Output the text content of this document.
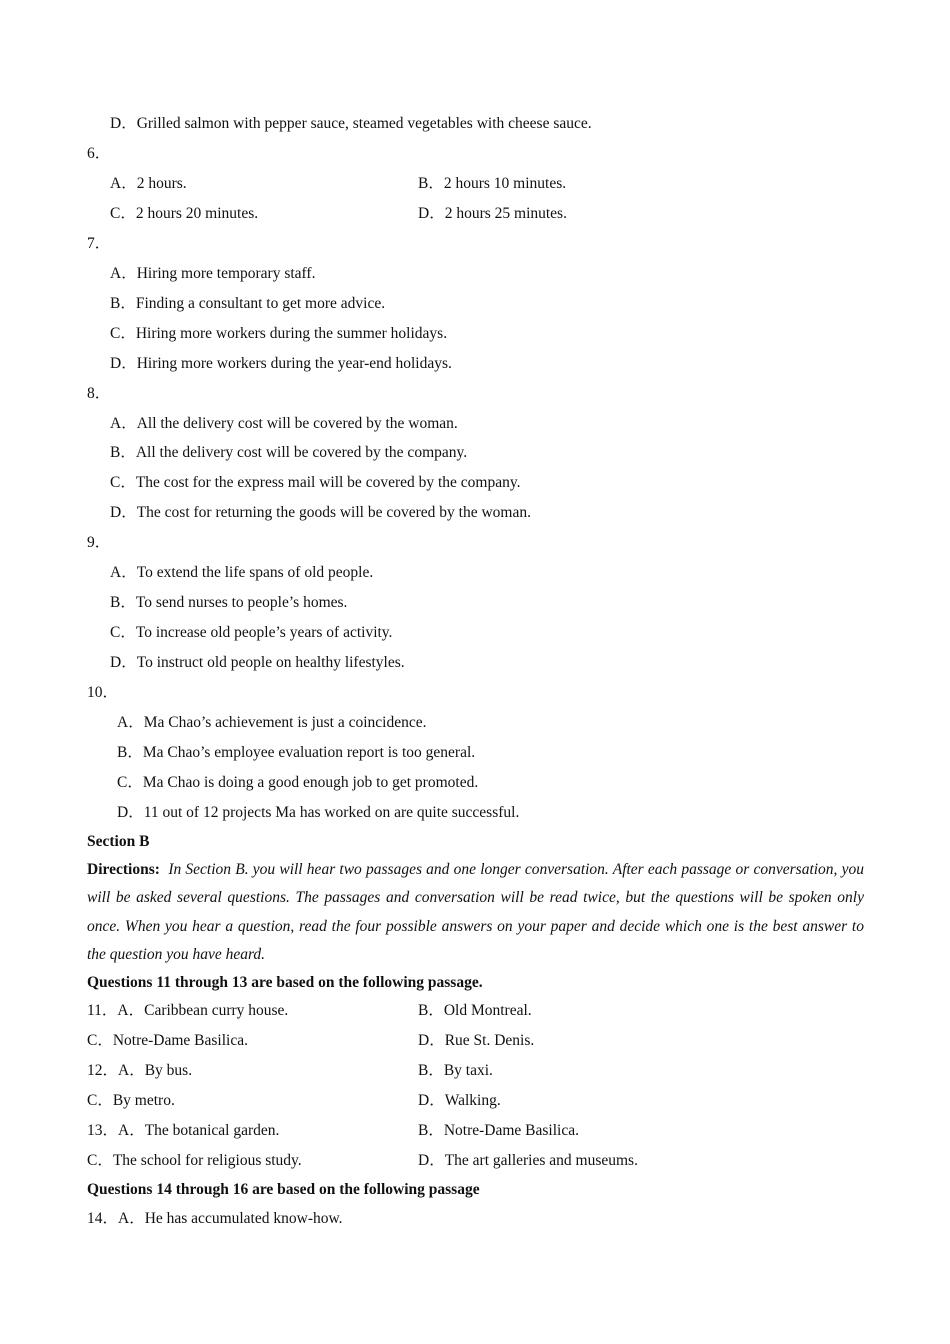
D．Grilled salmon with pepper sauce, steamed vegetables with cheese sauce.
6．
A．2 hours.	B．2 hours 10 minutes.
C．2 hours 20 minutes.	D．2 hours 25 minutes.
7．
A．Hiring more temporary staff.
B．Finding a consultant to get more advice.
C．Hiring more workers during the summer holidays.
D．Hiring more workers during the year-end holidays.
8．
A．All the delivery cost will be covered by the woman.
B．All the delivery cost will be covered by the company.
C．The cost for the express mail will be covered by the company.
D．The cost for returning the goods will be covered by the woman.
9．
A．To extend the life spans of old people.
B．To send nurses to people’s homes.
C．To increase old people’s years of activity.
D．To instruct old people on healthy lifestyles.
10．
A．Ma Chao’s achievement is just a coincidence.
B．Ma Chao’s employee evaluation report is too general.
C．Ma Chao is doing a good enough job to get promoted.
D．11 out of 12 projects Ma has worked on are quite successful.
Section B
Directions: In Section B. you will hear two passages and one longer conversation. After each passage or conversation, you will be asked several questions. The passages and conversation will be read twice, but the questions will be spoken only once. When you hear a question, read the four possible answers on your paper and decide which one is the best answer to the question you have heard.
Questions 11 through 13 are based on the following passage.
11．A．Caribbean curry house.	B．Old Montreal.
C．Notre-Dame Basilica.	D．Rue St. Denis.
12．A．By bus.	B．By taxi.
C．By metro.	D．Walking.
13．A．The botanical garden.	B．Notre-Dame Basilica.
C．The school for religious study.	D．The art galleries and museums.
Questions 14 through 16 are based on the following passage
14．A．He has accumulated know-how.
